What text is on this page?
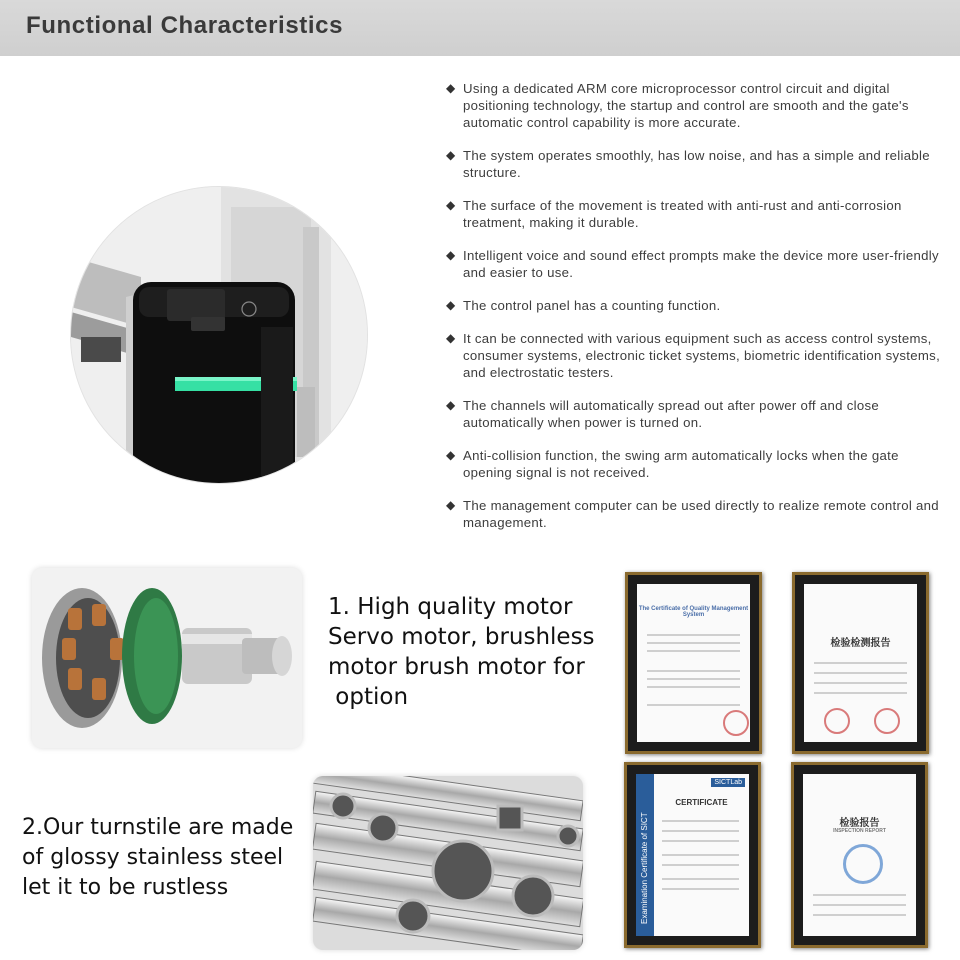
Functional Characteristics
◆ Using a dedicated ARM core microprocessor control circuit and digital positioning technology, the startup and control are smooth and the gate's automatic control capability is more accurate.
◆ The system operates smoothly, has low noise, and has a simple and reliable structure.
◆ The surface of the movement is treated with anti-rust and anti-corrosion treatment, making it durable.
◆ Intelligent voice and sound effect prompts make the device more user-friendly and easier to use.
◆ The control panel has a counting function.
◆ It can be connected with various equipment such as access control systems, consumer systems, electronic ticket systems, biometric identification systems, and electrostatic testers.
◆ The channels will automatically spread out after power off and close automatically when power is turned on.
◆ Anti-collision function, the swing arm automatically locks when the gate opening signal is not received.
◆ The management computer can be used directly to realize remote control and management.
1. High quality motor
Servo motor, brushless
motor brush motor for
option
2.Our turnstile are made
of glossy stainless steel
let it to be rustless
The Certificate of Quality Management System
检验检测报告
Examination Certificate of SICT
SICTLab
CERTIFICATE
检验报告
INSPECTION REPORT
